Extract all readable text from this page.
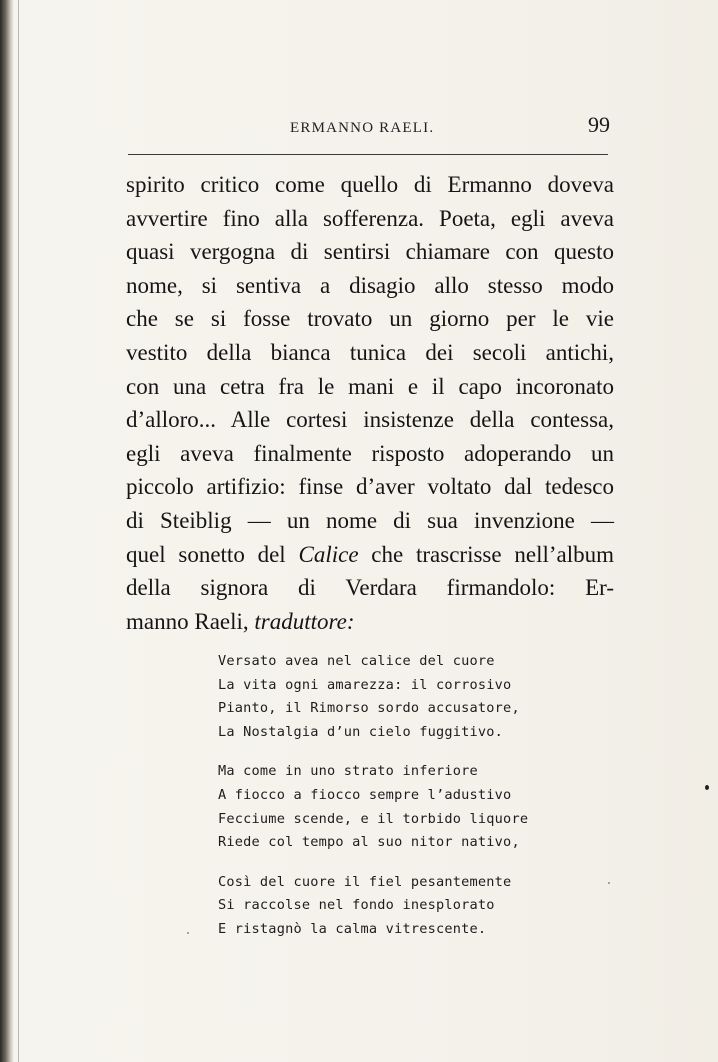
ERMANNO RAELI.	99
spirito critico come quello di Ermanno doveva
avvertire fino alla sofferenza. Poeta, egli aveva
quasi vergogna di sentirsi chiamare con questo
nome, si sentiva a disagio allo stesso modo
che se si fosse trovato un giorno per le vie
vestito della bianca tunica dei secoli antichi,
con una cetra fra le mani e il capo incoronato
d’alloro... Alle cortesi insistenze della contessa,
egli aveva finalmente risposto adoperando un
piccolo artifizio: finse d’aver voltato dal tedesco
di Steiblig — un nome di sua invenzione —
quel sonetto del Calice che trascrisse nell’album
della signora di Verdara firmandolo: Er-
manno Raeli, traduttore:
Versato avea nel calice del cuore
La vita ogni amarezza: il corrosivo
Pianto, il Rimorso sordo accusatore,
La Nostalgia d’un cielo fuggitivo.
Ma come in uno strato inferiore
A fiocco a fiocco sempre l’adustivo
Fecciume scende, e il torbido liquore
Riede col tempo al suo nitor nativo,
Così del cuore il fiel pesantemente
Si raccolse nel fondo inesplorato
E ristagnò la calma vitrescente.
